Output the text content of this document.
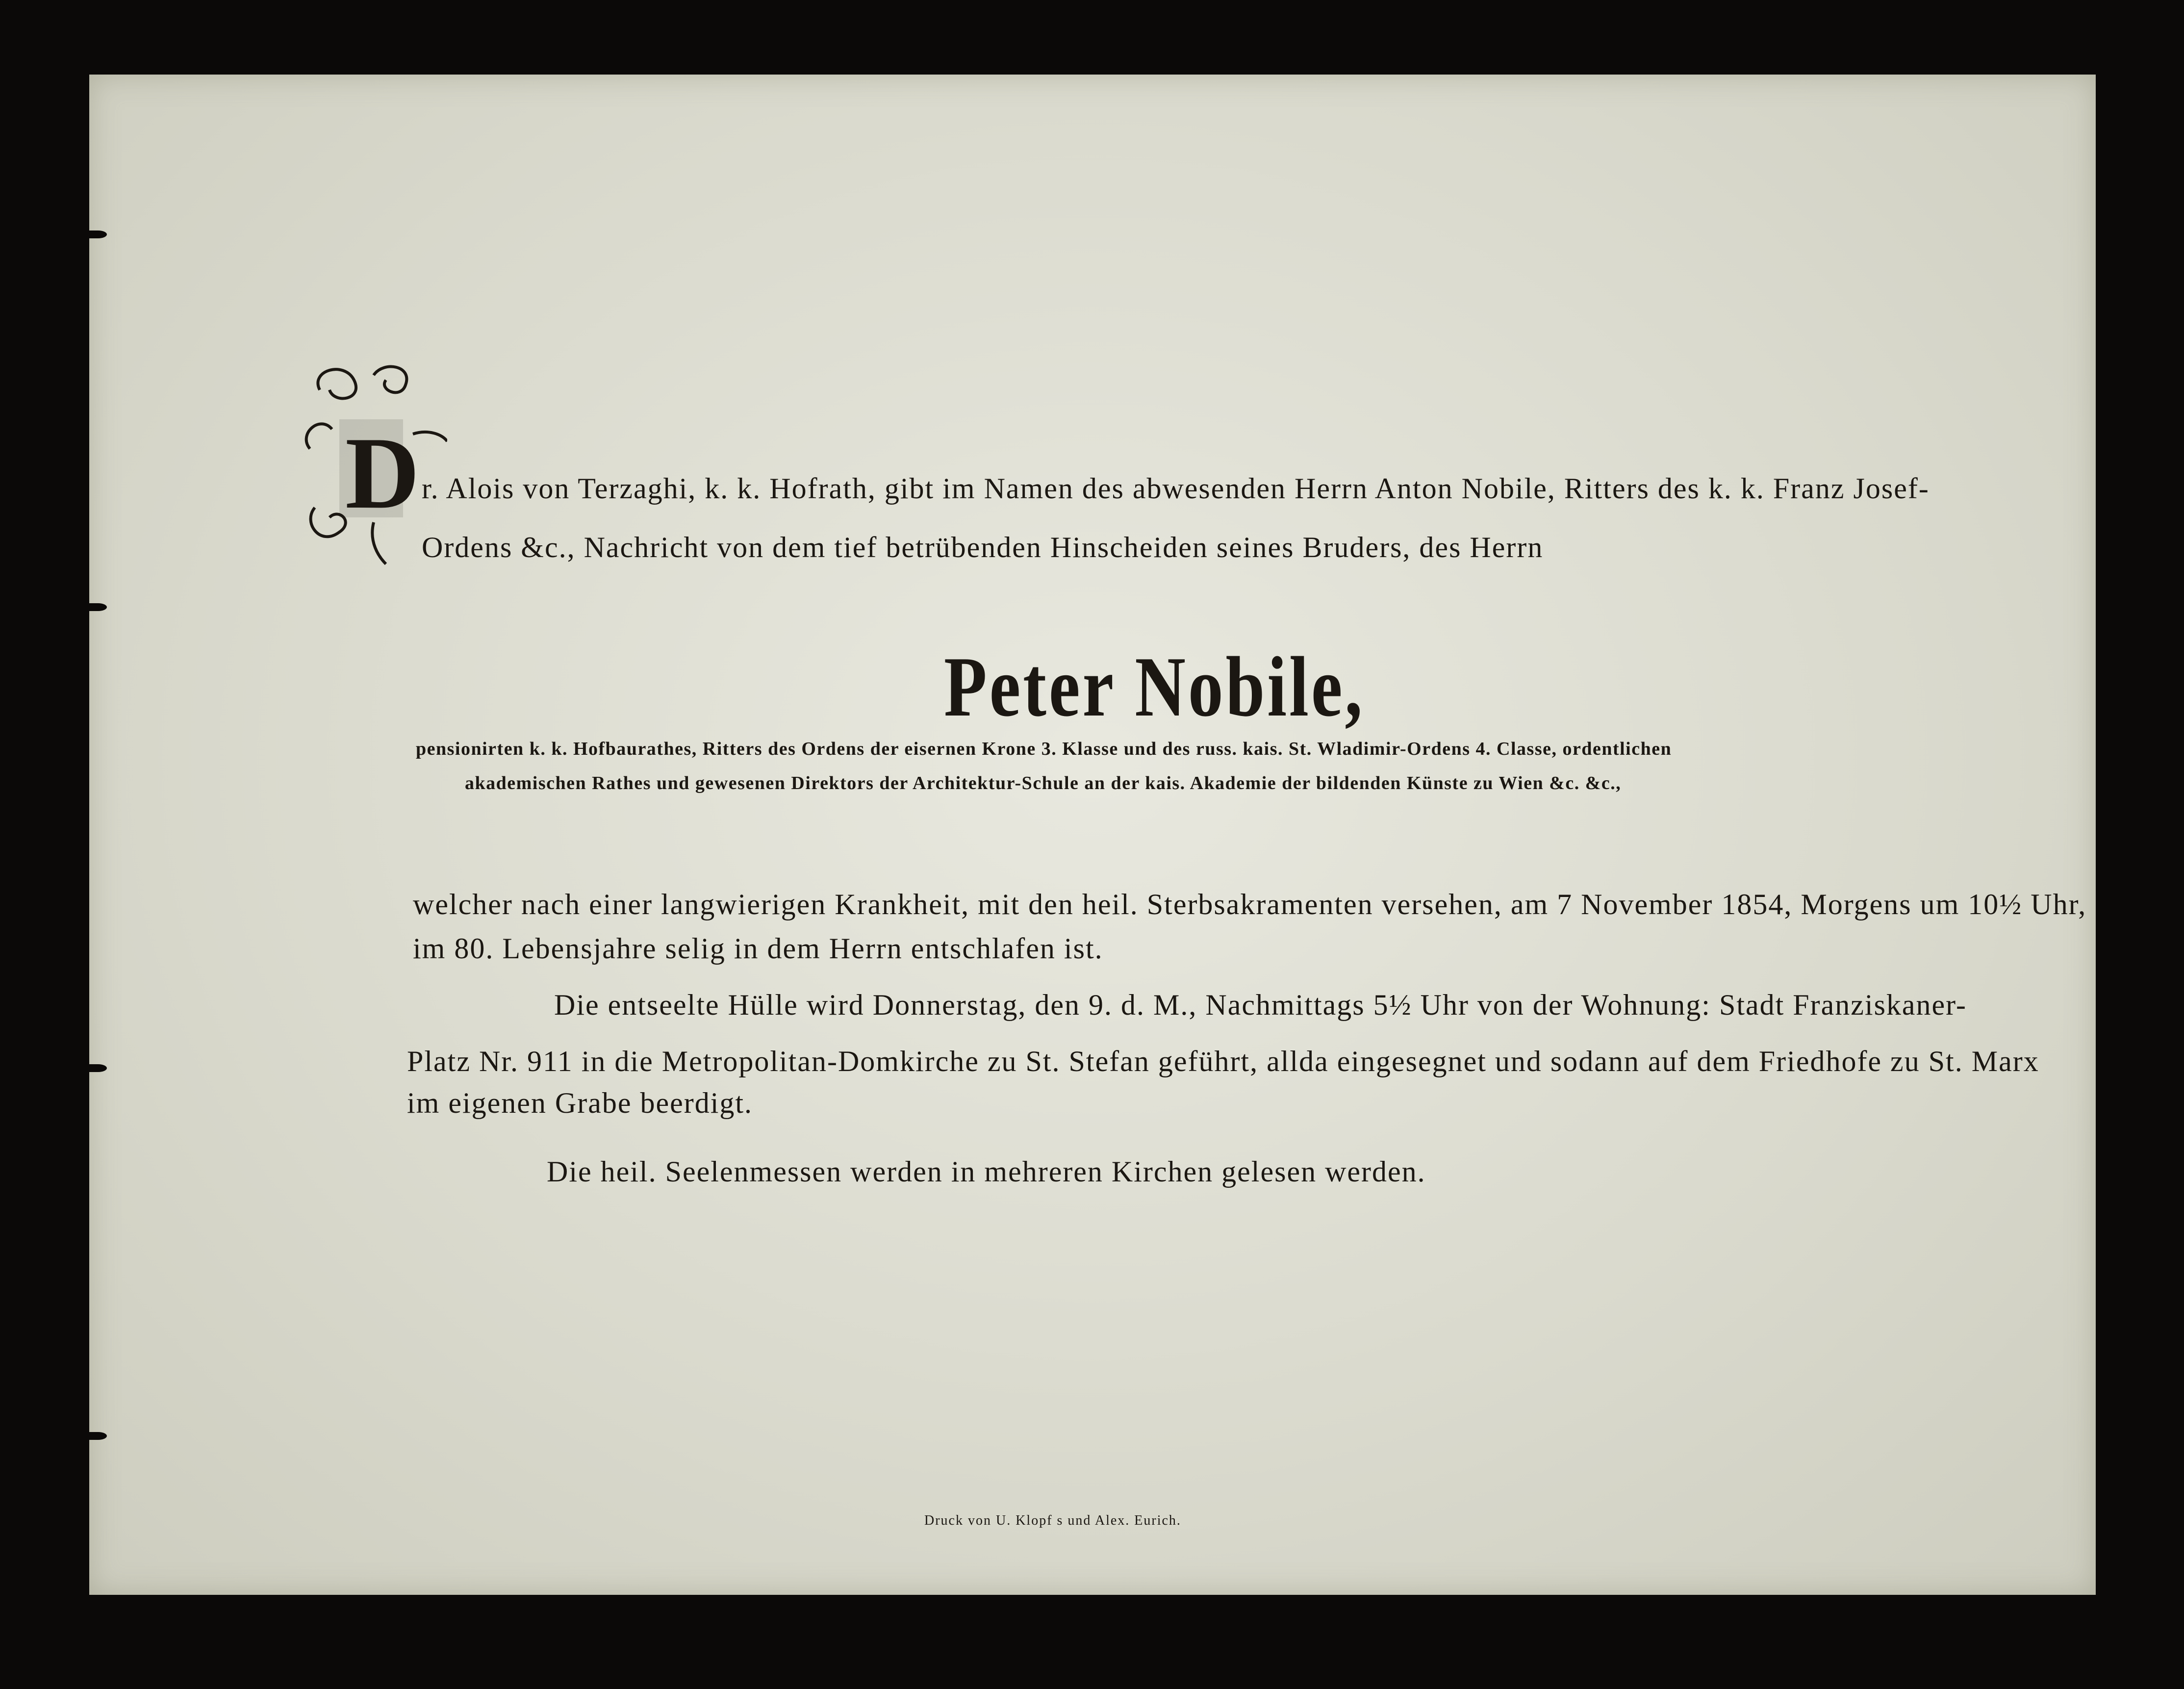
D r. Alois von Terzaghi, k. k. Hofrath, gibt im Namen des abwesenden Herrn Anton Nobile, Ritters des k. k. Franz Josef-
Ordens &c., Nachricht von dem tief betrübenden Hinscheiden seines Bruders, des Herrn
Peter Nobile,
pensionirten k. k. Hofbaurathes, Ritters des Ordens der eisernen Krone 3. Klasse und des russ. kais. St. Wladimir-Ordens 4. Classe, ordentlichen
akademischen Rathes und gewesenen Direktors der Architektur-Schule an der kais. Akademie der bildenden Künste zu Wien &c. &c.,
welcher nach einer langwierigen Krankheit, mit den heil. Sterbsakramenten versehen, am 7 November 1854, Morgens um 10½ Uhr,
im 80. Lebensjahre selig in dem Herrn entschlafen ist.
Die entseelte Hülle wird Donnerstag, den 9. d. M., Nachmittags 5½ Uhr von der Wohnung: Stadt Franziskaner-
Platz Nr. 911 in die Metropolitan-Domkirche zu St. Stefan geführt, allda eingesegnet und sodann auf dem Friedhofe zu St. Marx
im eigenen Grabe beerdigt.
Die heil. Seelenmessen werden in mehreren Kirchen gelesen werden.
Druck von U. Klopf s und Alex. Eurich.
